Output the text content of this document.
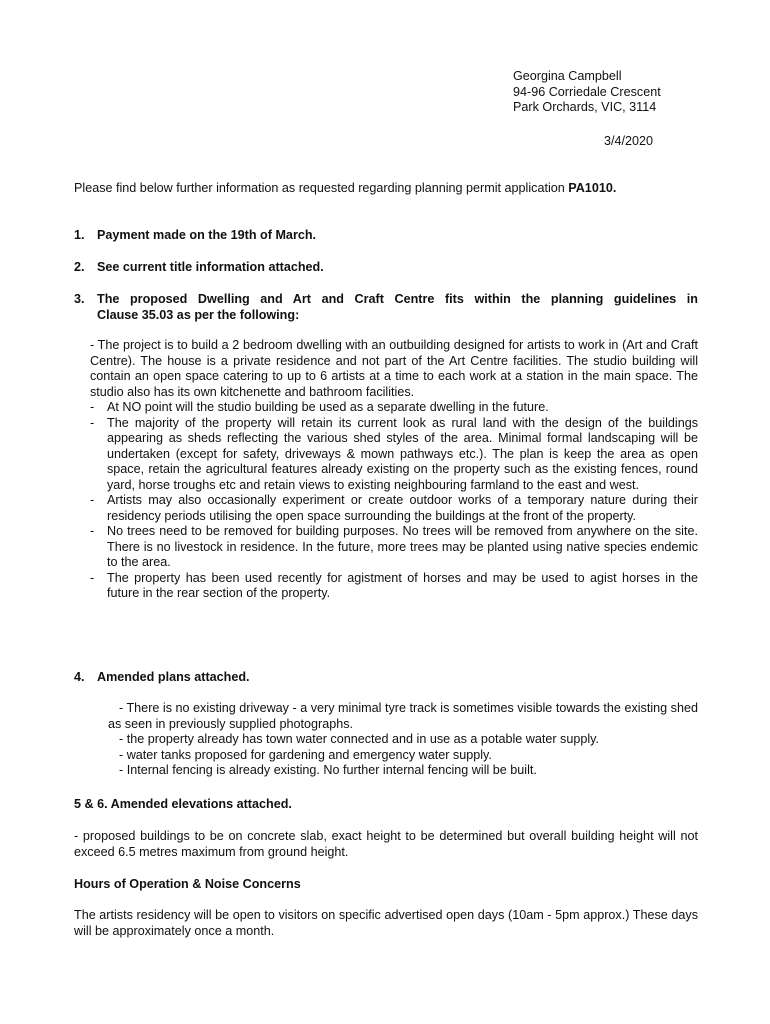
Georgina Campbell
94-96 Corriedale Crescent
Park Orchards, VIC, 3114
3/4/2020
Please find below further information as requested regarding planning permit application PA1010.
1. Payment made on the 19th of March.
2. See current title information attached.
3. The proposed Dwelling and Art and Craft Centre fits within the planning guidelines in
Clause 35.03 as per the following:
- The project is to build a 2 bedroom dwelling with an outbuilding designed for artists to work in (Art and Craft Centre). The house is a private residence and not part of the Art Centre facilities. The studio building will contain an open space catering to up to 6 artists at a time to each work at a station in the main space. The studio also has its own kitchenette and bathroom facilities.
- At NO point will the studio building be used as a separate dwelling in the future.
- The majority of the property will retain its current look as rural land with the design of the buildings appearing as sheds reflecting the various shed styles of the area. Minimal formal landscaping will be undertaken (except for safety, driveways & mown pathways etc.). The plan is keep the area as open space, retain the agricultural features already existing on the property such as the existing fences, round yard, horse troughs etc and retain views to existing neighbouring farmland to the east and west.
- Artists may also occasionally experiment or create outdoor works of a temporary nature during their residency periods utilising the open space surrounding the buildings at the front of the property.
- No trees need to be removed for building purposes. No trees will be removed from anywhere on the site. There is no livestock in residence. In the future, more trees may be planted using native species endemic to the area.
- The property has been used recently for agistment of horses and may be used to agist horses in the future in the rear section of the property.
4. Amended plans attached.
- There is no existing driveway - a very minimal tyre track is sometimes visible towards the existing shed as seen in previously supplied photographs.
- the property already has town water connected and in use as a potable water supply.
- water tanks proposed for gardening and emergency water supply.
- Internal fencing is already existing. No further internal fencing will be built.
5 & 6. Amended elevations attached.
- proposed buildings to be on concrete slab, exact height to be determined but overall building height will not exceed 6.5 metres maximum from ground height.
Hours of Operation & Noise Concerns
The artists residency will be open to visitors on specific advertised open days (10am - 5pm approx.) These days will be approximately once a month.
